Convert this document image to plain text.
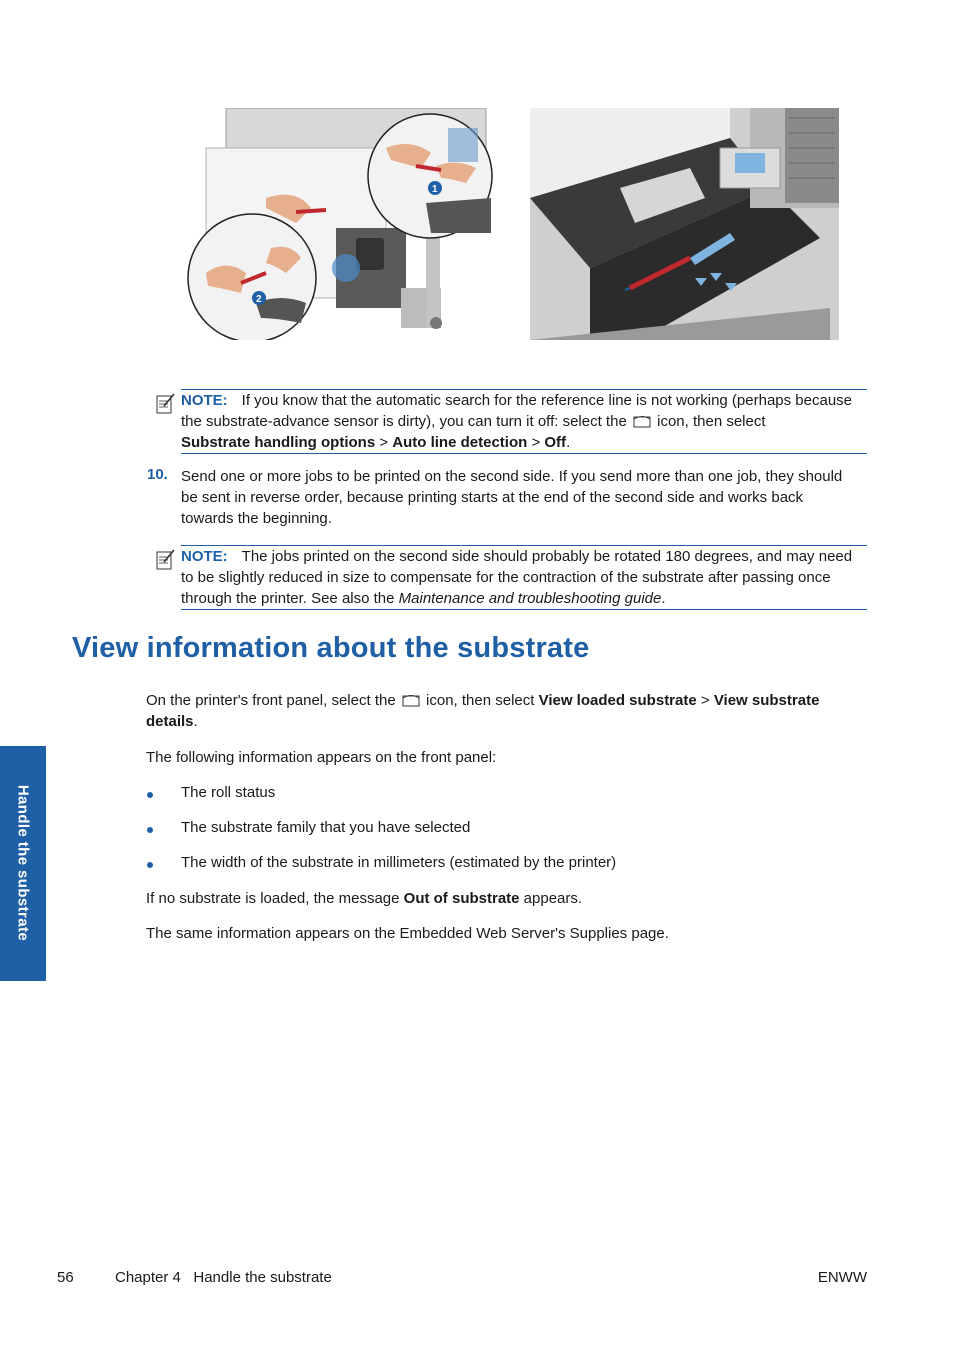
1
2
NOTE: If you know that the automatic search for the reference line is not working (perhaps because the substrate-advance sensor is dirty), you can turn it off: select the icon, then select
Substrate handling options > Auto line detection > Off.
10. Send one or more jobs to be printed on the second side. If you send more than one job, they should be sent in reverse order, because printing starts at the end of the second side and works back towards the beginning.
NOTE: The jobs printed on the second side should probably be rotated 180 degrees, and may need to be slightly reduced in size to compensate for the contraction of the substrate after passing once through the printer. See also the Maintenance and troubleshooting guide.
View information about the substrate
On the printer's front panel, select the icon, then select View loaded substrate > View substrate details.
The following information appears on the front panel:
The roll status
The substrate family that you have selected
The width of the substrate in millimeters (estimated by the printer)
If no substrate is loaded, the message Out of substrate appears.
The same information appears on the Embedded Web Server's Supplies page.
Handle the substrate
56	Chapter 4   Handle the substrate	ENWW
